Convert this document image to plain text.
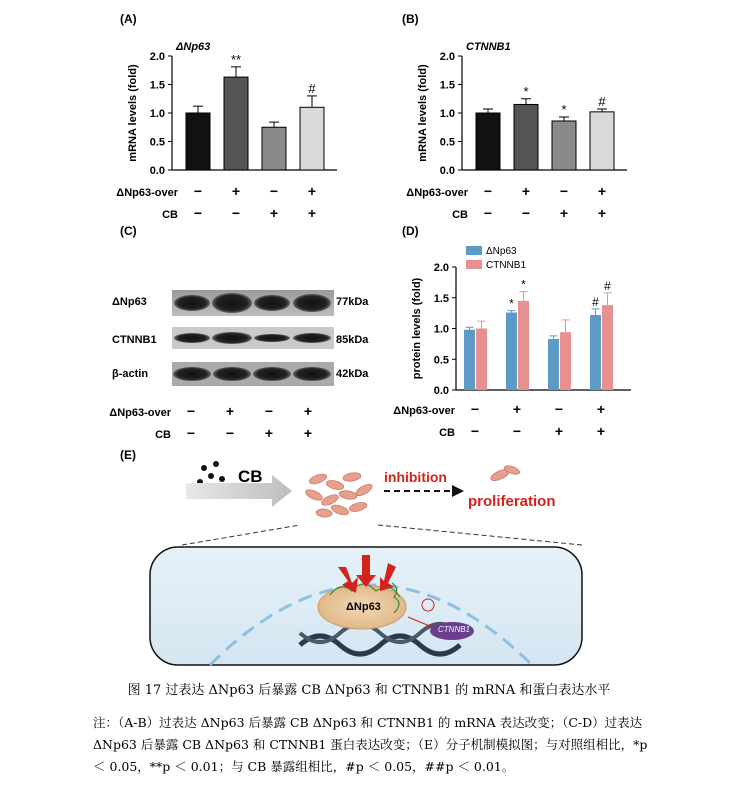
(A)	(B)
(C)	(D)
(E)
0.0
0.5
1.0
1.5
2.0
mRNA levels (fold)
ΔNp63
**
#
ΔNp63-over − + − +
CB − − + +
0.0
0.5
1.0
1.5
2.0
mRNA levels (fold)
CTNNB1
*
*
#
ΔNp63-over − + − +
CB − − + +
ΔNp63
CTNNB1
β-actin
77kDa
85kDa
42kDa
ΔNp63-over − + − +
CB − − + +
0.0
0.5
1.0
1.5
2.0
protein levels (fold)	*
*
#
#
ΔNp63
CTNNB1
ΔNp63-over − + − +
CB − − + +
CB	inhibition
proliferation
ΔNp63
CTNNB1
图 17 过表达 ΔNp63 后暴露 CB ΔNp63 和 CTNNB1 的 mRNA 和蛋白表达水平
注：（A-B）过表达 ΔNp63 后暴露 CB ΔNp63 和 CTNNB1 的 mRNA 表达改变；（C-D）过表达
ΔNp63 后暴露 CB ΔNp63 和 CTNNB1 蛋白表达改变；（E）分子机制模拟图；与对照组相比，*p
＜ 0.05，**p ＜ 0.01；与 CB 暴露组相比，#p ＜ 0.05，##p ＜ 0.01。
